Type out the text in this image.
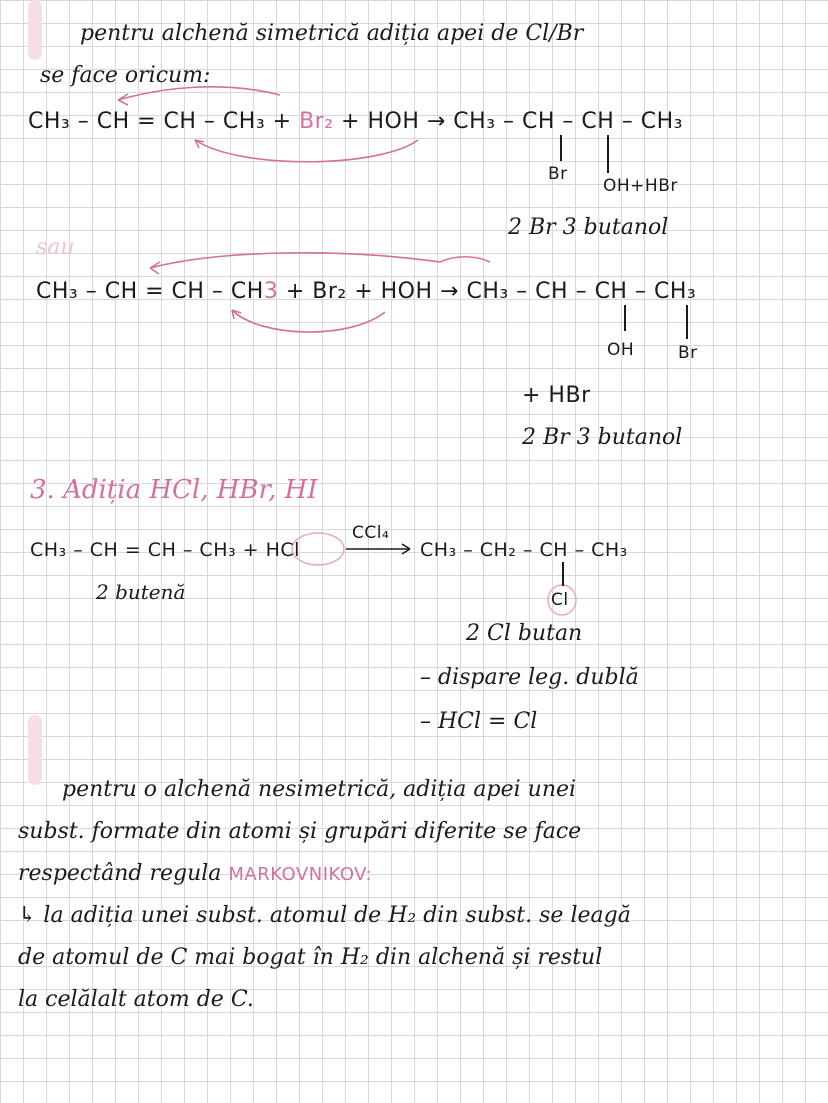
pentru alchenă simetrică adiția apei de Cl/Br
se face oricum:
CH₃ – CH = CH – CH₃ + Br₂ + HOH → CH₃ – CH – CH – CH₃
Br
OH+HBr
2 Br 3 butanol
sau
CH₃ – CH = CH – CH3 + Br₂ + HOH → CH₃ – CH – CH – CH₃
OH	Br
+ HBr
2 Br 3 butanol
3. Adiția HCl, HBr, HI
CH₃ – CH = CH – CH₃ + HCl
CCl₄
CH₃ – CH₂ – CH – CH₃
2 butenă	Cl
2 Cl butan
– dispare leg. dublă
– HCl = Cl
pentru o alchenă nesimetrică, adiția apei unei
subst. formate din atomi și grupări diferite se face
respectând regula MARKOVNIKOV:
↳ la adiția unei subst. atomul de H₂ din subst. se leagă
de atomul de C mai bogat în H₂ din alchenă și restul
la celălalt atom de C.
